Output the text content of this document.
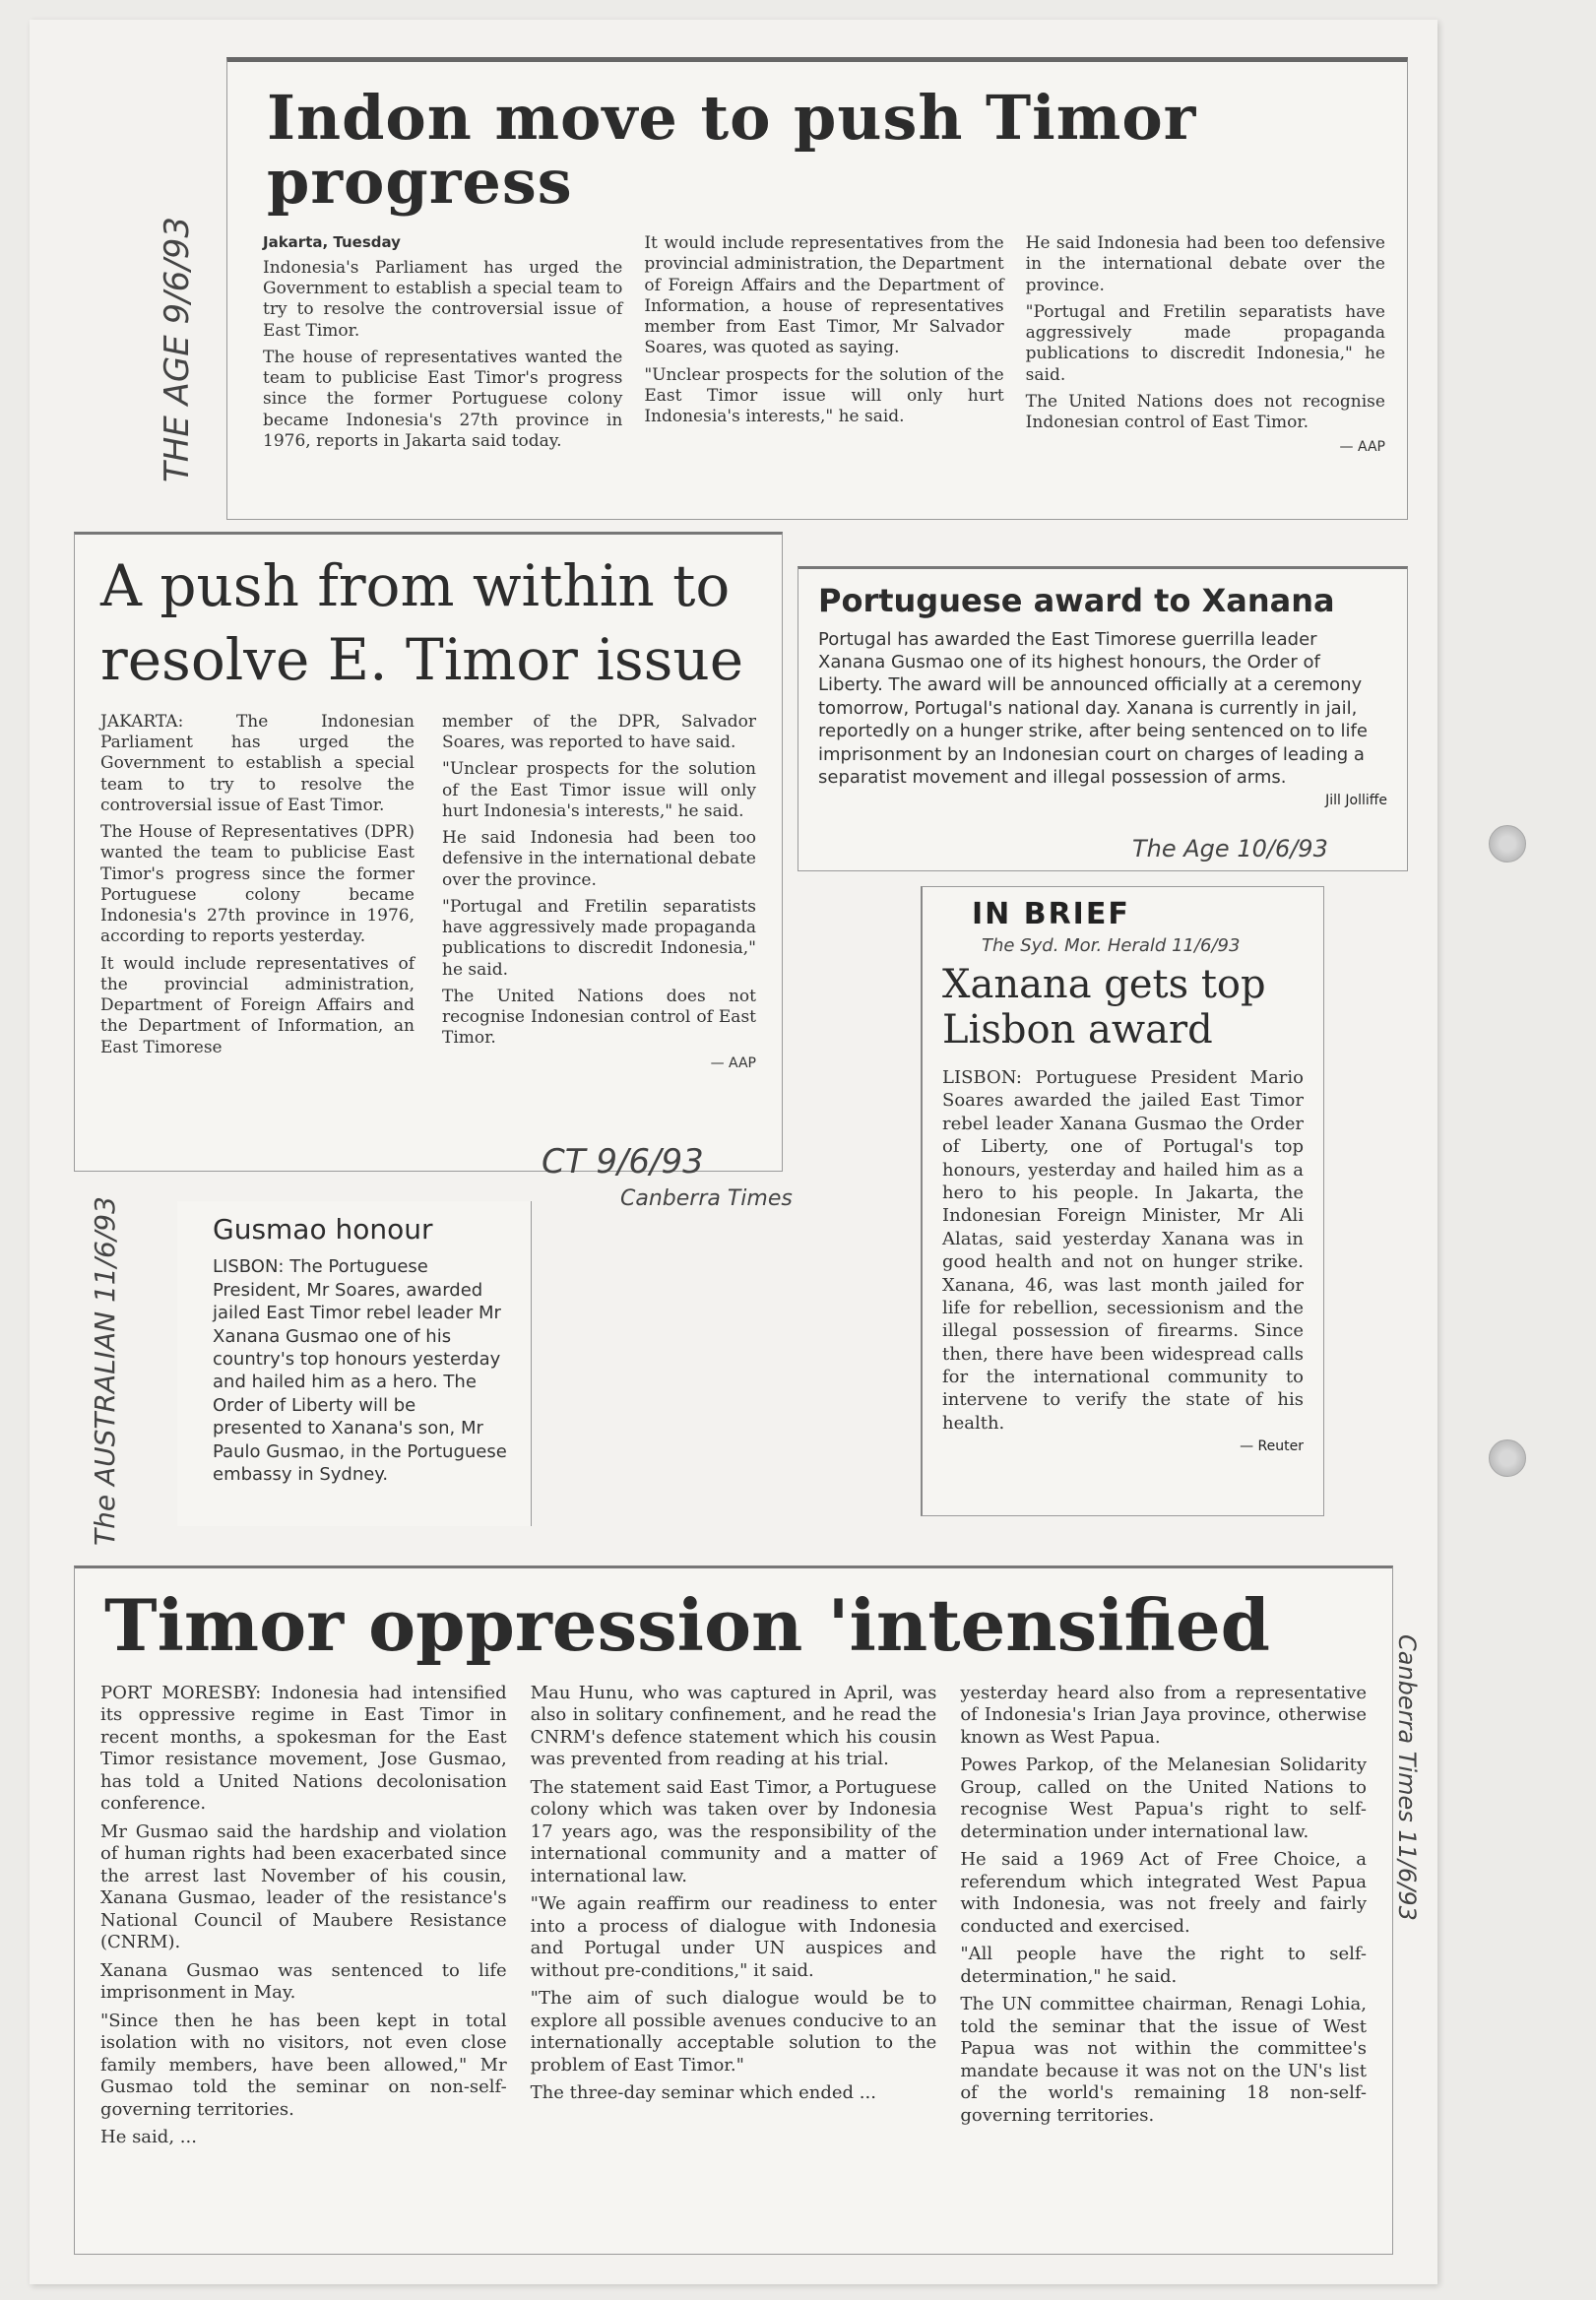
Indon move to push Timor progress

Jakarta, Tuesday

Indonesia's Parliament has urged the Government to establish a special team to try to resolve the controversial issue of East Timor.

The house of representatives wanted the team to publicise East Timor's progress since the former Portuguese colony became Indonesia's 27th province in 1976, reports in Jakarta said today.

It would include representatives from the provincial administration, the Department of Foreign Affairs and the Department of Information, a house of representatives member from East Timor, Mr Salvador Soares, was quoted as saying.

"Unclear prospects for the solution of the East Timor issue will only hurt Indonesia's interests," he said.

He said Indonesia had been too defensive in the international debate over the province.

"Portugal and Fretilin separatists have aggressively made propaganda publications to discredit Indonesia," he said.

The United Nations does not recognise Indonesian control of East Timor.

— AAP
THE AGE 9/6/93
A push from within to
resolve E. Timor issue

JAKARTA: The Indonesian Parliament has urged the Government to establish a special team to try to resolve the controversial issue of East Timor.

The House of Representatives (DPR) wanted the team to publicise East Timor's progress since the former Portuguese colony became Indonesia's 27th province in 1976, according to reports yesterday.

It would include representatives of the provincial administration, Department of Foreign Affairs and the Department of Information, an East Timorese

member of the DPR, Salvador Soares, was reported to have said.

"Unclear prospects for the solution of the East Timor issue will only hurt Indonesia's interests," he said.

He said Indonesia had been too defensive in the international debate over the province.

"Portugal and Fretilin separatists have aggressively made propaganda publications to discredit Indonesia," he said.

The United Nations does not recognise Indonesian control of East Timor.

— AAP
CT 9/6/93
Canberra Times
Portuguese award to Xanana

Portugal has awarded the East Timorese guerrilla leader Xanana Gusmao one of its highest honours, the Order of Liberty. The award will be announced officially at a ceremony tomorrow, Portugal's national day. Xanana is currently in jail, reportedly on a hunger strike, after being sentenced on to life imprisonment by an Indonesian court on charges of leading a separatist movement and illegal possession of arms.

Jill Jolliffe
The Age 10/6/93
IN BRIEF
The Syd. Mor. Herald 11/6/93
Xanana gets top
Lisbon award

LISBON: Portuguese President Mario Soares awarded the jailed East Timor rebel leader Xanana Gusmao the Order of Liberty, one of Portugal's top honours, yesterday and hailed him as a hero to his people. In Jakarta, the Indonesian Foreign Minister, Mr Ali Alatas, said yesterday Xanana was in good health and not on hunger strike. Xanana, 46, was last month jailed for life for rebellion, secessionism and the illegal possession of firearms. Since then, there have been widespread calls for the international community to intervene to verify the state of his health.

— Reuter
Gusmao honour

LISBON: The Portuguese President, Mr Soares, awarded jailed East Timor rebel leader Mr Xanana Gusmao one of his country's top honours yesterday and hailed him as a hero. The Order of Liberty will be presented to Xanana's son, Mr Paulo Gusmao, in the Portuguese embassy in Sydney.

The AUSTRALIAN 11/6/93
Timor oppression 'intensified

PORT MORESBY: Indonesia had intensified its oppressive regime in East Timor in recent months, a spokesman for the East Timor resistance movement, Jose Gusmao, has told a United Nations decolonisation conference.

Mr Gusmao said the hardship and violation of human rights had been exacerbated since the arrest last November of his cousin, Xanana Gusmao, leader of the resistance's National Council of Maubere Resistance (CNRM).

Xanana Gusmao was sentenced to life imprisonment in May.

"Since then he has been kept in total isolation with no visitors, not even close family members, have been allowed," Mr Gusmao told the seminar on non-self-governing territories.

He said, ...

Mau Hunu, who was captured in April, was also in solitary confinement, and he read the CNRM's defence statement which his cousin was prevented from reading at his trial.

The statement said East Timor, a Portuguese colony which was taken over by Indonesia 17 years ago, was the responsibility of the international community and a matter of international law.

"We again reaffirm our readiness to enter into a process of dialogue with Indonesia and Portugal under UN auspices and without pre-conditions," it said.

"The aim of such dialogue would be to explore all possible avenues conducive to an internationally acceptable solution to the problem of East Timor."

The three-day seminar which ended ...

yesterday heard also from a representative of Indonesia's Irian Jaya province, otherwise known as West Papua.

Powes Parkop, of the Melanesian Solidarity Group, called on the United Nations to recognise West Papua's right to self-determination under international law.

He said a 1969 Act of Free Choice, a referendum which integrated West Papua with Indonesia, was not freely and fairly conducted and exercised.

"All people have the right to self-determination," he said.

The UN committee chairman, Renagi Lohia, told the seminar that the issue of West Papua was not within the committee's mandate because it was not on the UN's list of the world's remaining 18 non-self-governing territories.

Canberra Times 11/6/93
